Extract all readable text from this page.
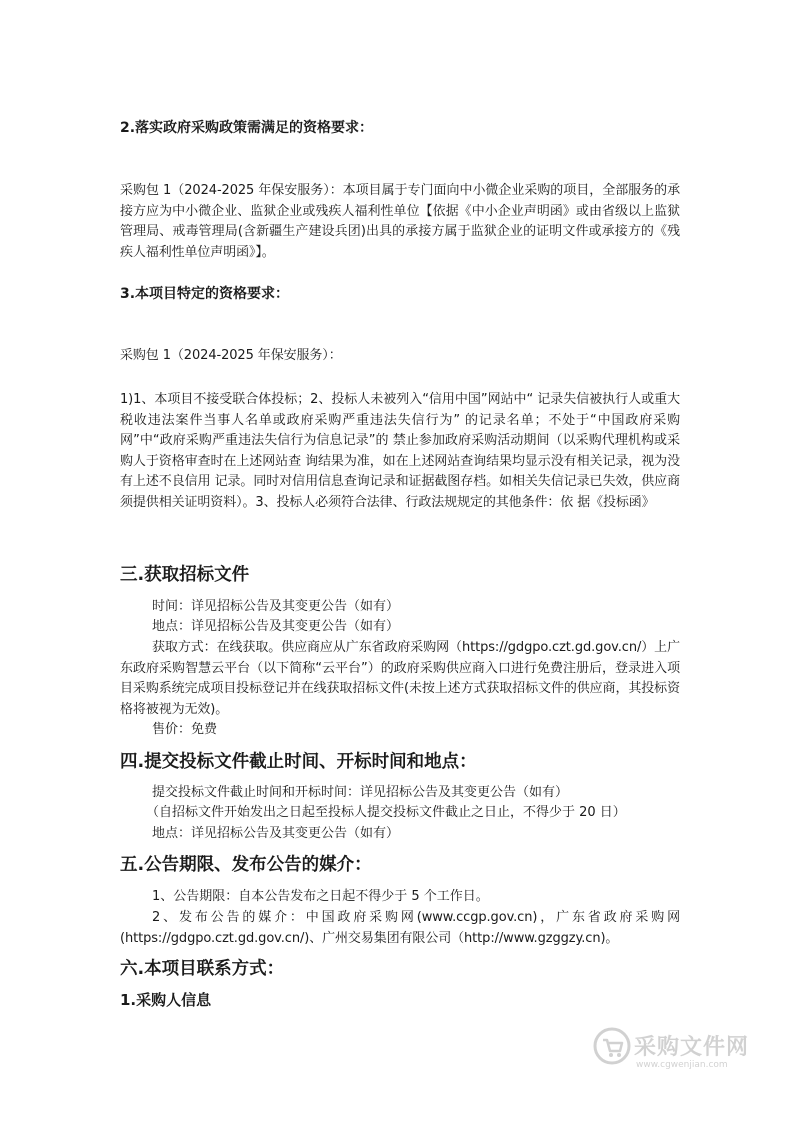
2.落实政府采购政策需满足的资格要求：
采购包 1（2024-2025 年保安服务）：本项目属于专门面向中小微企业采购的项目，全部服务的承接方应为中小微企业、监狱企业或残疾人福利性单位【依据《中小企业声明函》或由省级以上监狱管理局、戒毒管理局(含新疆生产建设兵团)出具的承接方属于监狱企业的证明文件或承接方的《残疾人福利性单位声明函》】。
3.本项目特定的资格要求：
采购包 1（2024-2025 年保安服务）：
1)1、本项目不接受联合体投标；2、投标人未被列入“信用中国”网站中“ 记录失信被执行人或重大税收违法案件当事人名单或政府采购严重违法失信行为” 的记录名单；不处于“中国政府采购网”中“政府采购严重违法失信行为信息记录”的 禁止参加政府采购活动期间（以采购代理机构或采购人于资格审查时在上述网站查 询结果为准，如在上述网站查询结果均显示没有相关记录，视为没有上述不良信用 记录。同时对信用信息查询记录和证据截图存档。如相关失信记录已失效，供应商 须提供相关证明资料）。3、投标人必须符合法律、行政法规规定的其他条件：依 据《投标函》
三.获取招标文件
时间：详见招标公告及其变更公告（如有）
地点：详见招标公告及其变更公告（如有）
获取方式：在线获取。供应商应从广东省政府采购网（https://gdgpo.czt.gd.gov.cn/）上广东政府采购智慧云平台（以下简称“云平台”）的政府采购供应商入口进行免费注册后，登录进入项目采购系统完成项目投标登记并在线获取招标文件(未按上述方式获取招标文件的供应商，其投标资格将被视为无效)。
售价：免费
四.提交投标文件截止时间、开标时间和地点：
提交投标文件截止时间和开标时间：详见招标公告及其变更公告（如有）
（自招标文件开始发出之日起至投标人提交投标文件截止之日止，不得少于 20 日）
地点：详见招标公告及其变更公告（如有）
五.公告期限、发布公告的媒介：
1、公告期限：自本公告发布之日起不得少于 5 个工作日。
2、发布公告的媒介：中国政府采购网(www.ccgp.gov.cn)，广东省政府采购网(https://gdgpo.czt.gd.gov.cn/)、广州交易集团有限公司（http://www.gzggzy.cn)。
六.本项目联系方式：
1.采购人信息
采购文件网
www.cgwenjian.com
